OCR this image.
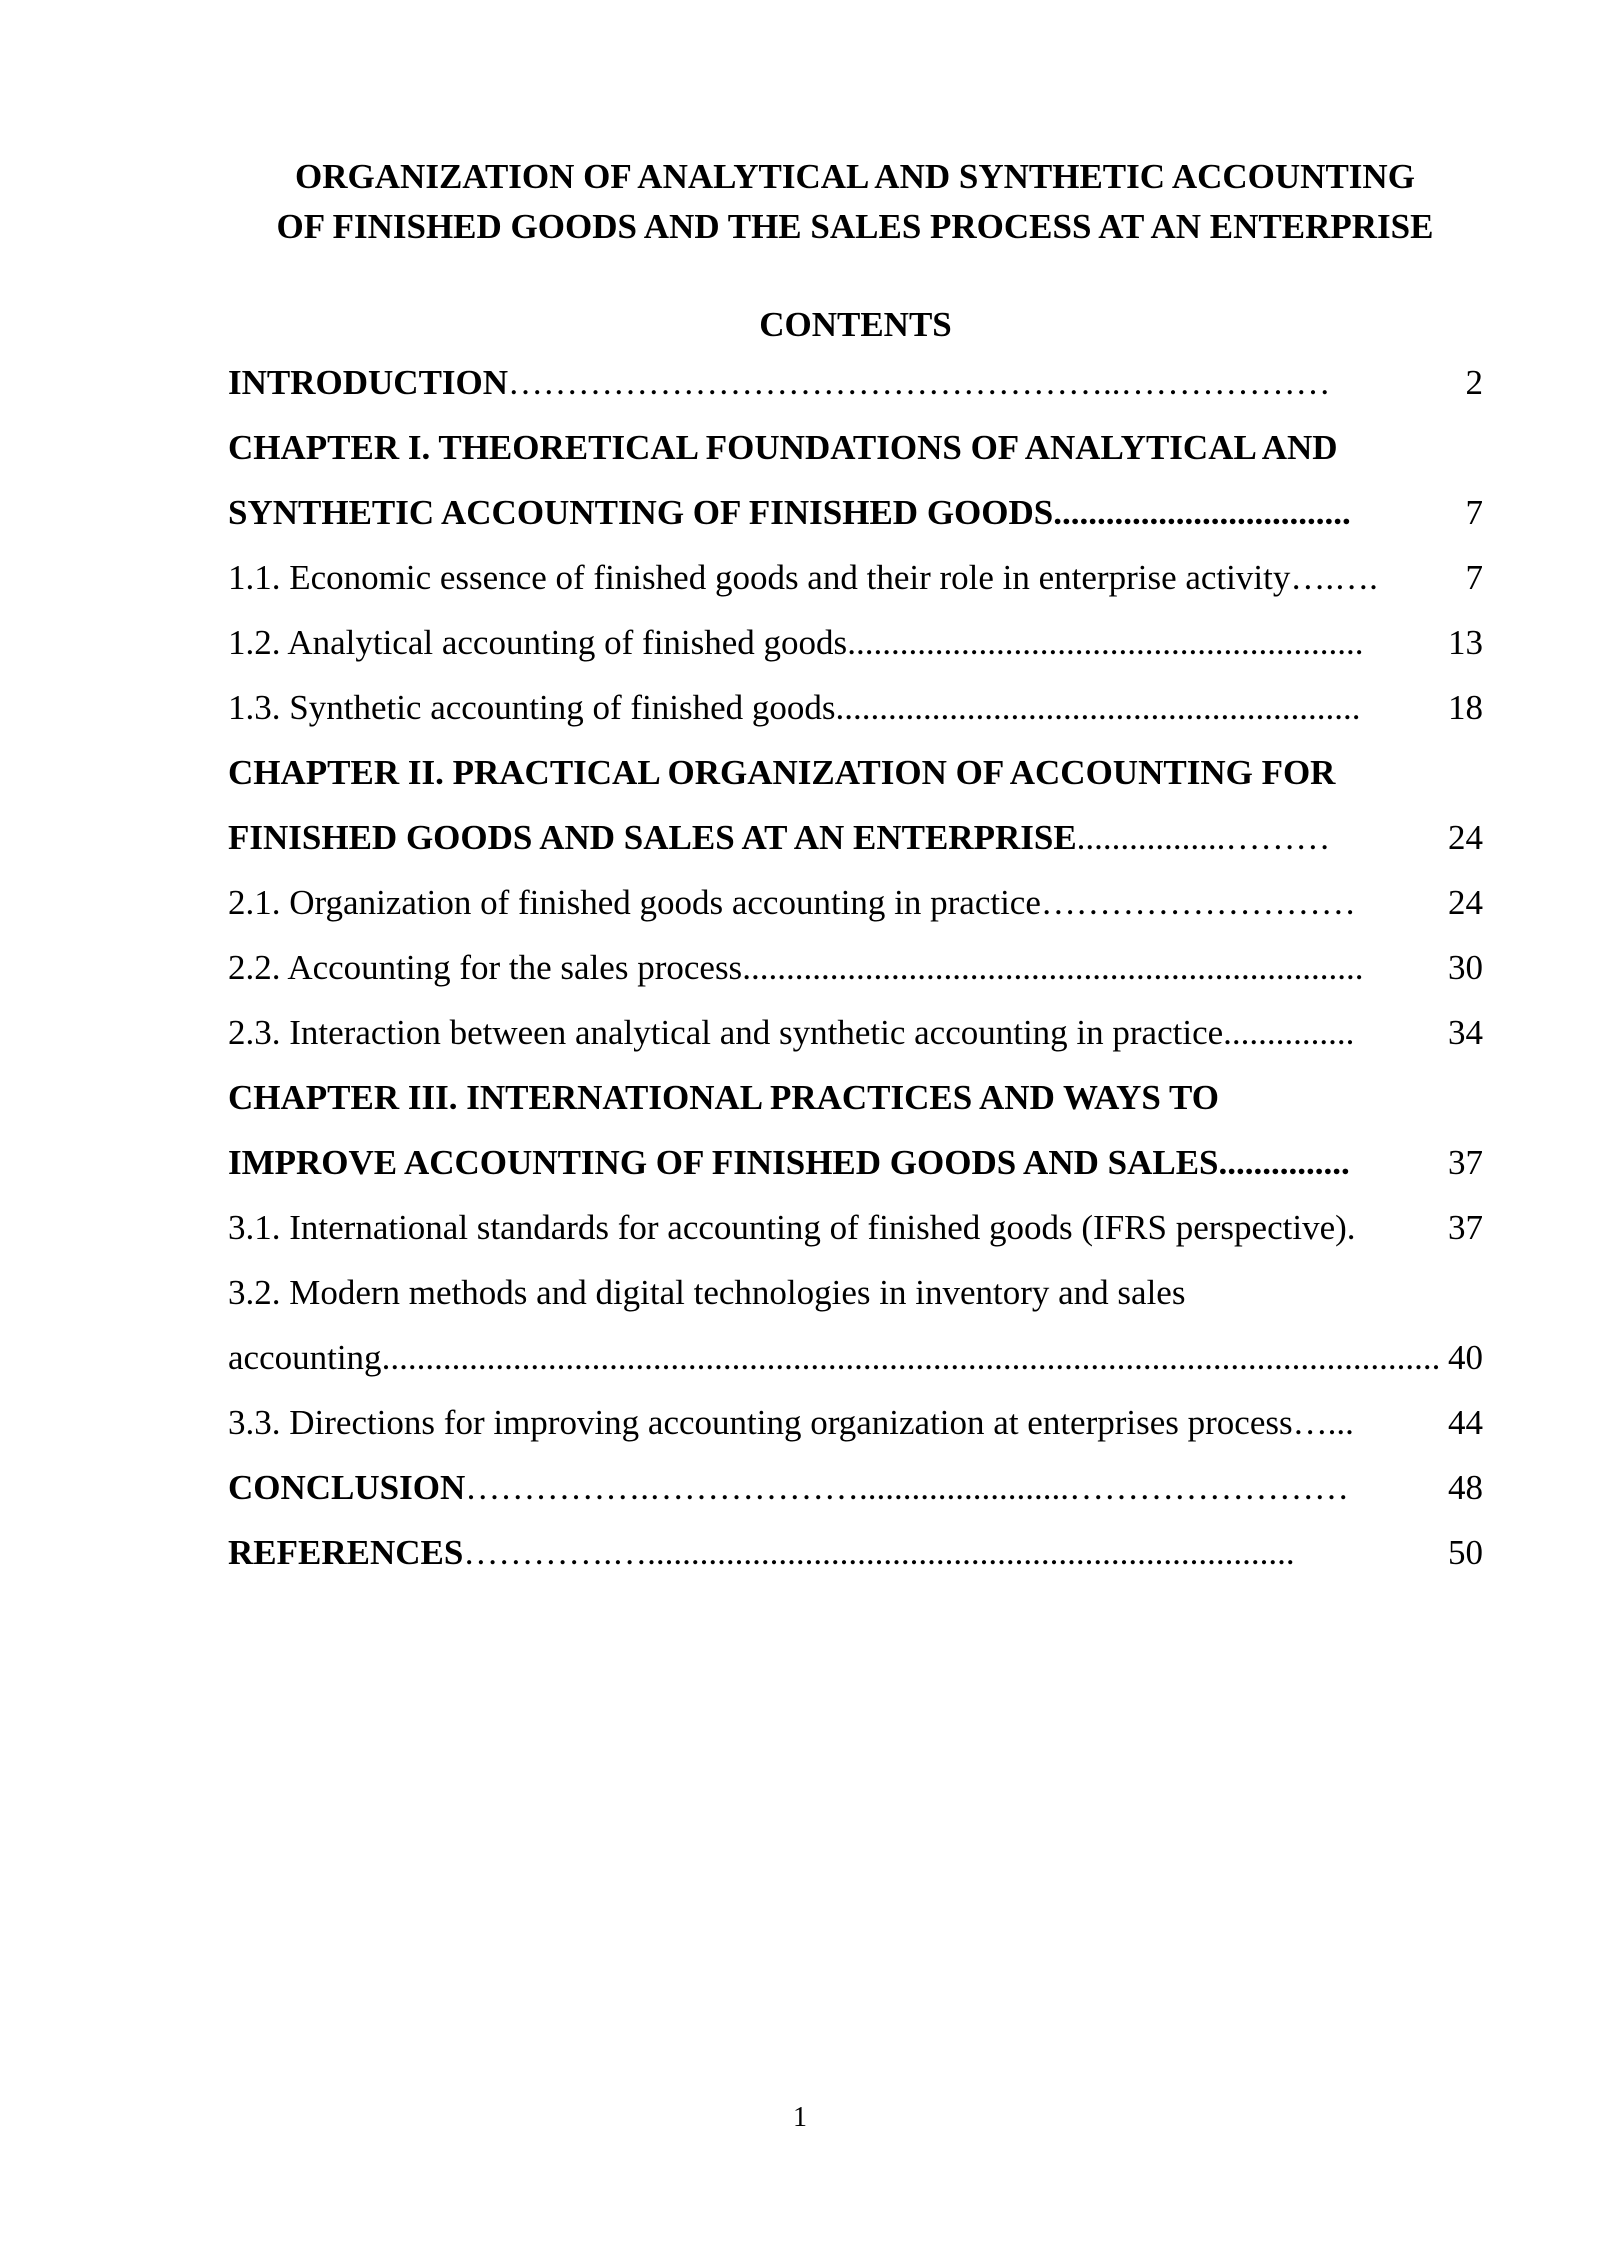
ORGANIZATION OF ANALYTICAL AND SYNTHETIC ACCOUNTING
OF FINISHED GOODS AND THE SALES PROCESS AT AN ENTERPRISE
CONTENTS
INTRODUCTION ……………………………………………..………………	2
CHAPTER I. THEORETICAL FOUNDATIONS OF ANALYTICAL AND
SYNTHETIC ACCOUNTING OF FINISHED GOODS ..................................	7
1.1. Economic essence of finished goods and their role in enterprise activity ….….	7
1.2. Analytical accounting of finished goods ...........................................................	13
1.3. Synthetic accounting of finished goods ............................................................	18
CHAPTER II. PRACTICAL ORGANIZATION OF ACCOUNTING FOR
FINISHED GOODS AND SALES AT AN ENTERPRISE .................………	24
2.1. Organization of finished goods accounting in practice ………………………	24
2.2. Accounting for the sales process .......................................................................	30
2.3. Interaction between analytical and synthetic accounting in practice ...............	34
CHAPTER III. INTERNATIONAL PRACTICES AND WAYS TO
IMPROVE ACCOUNTING OF FINISHED GOODS AND SALES ...............	37
3.1. International standards for accounting of finished goods (IFRS perspective) .	37
3.2. Modern methods and digital technologies in inventory and sales
accounting ......................................................................................................................... 40
3.3. Directions for improving accounting organization at enterprises process …...	44
CONCLUSION …………….………………........................……………………	48
REFERENCES ………….…..........................................................................	50
1
